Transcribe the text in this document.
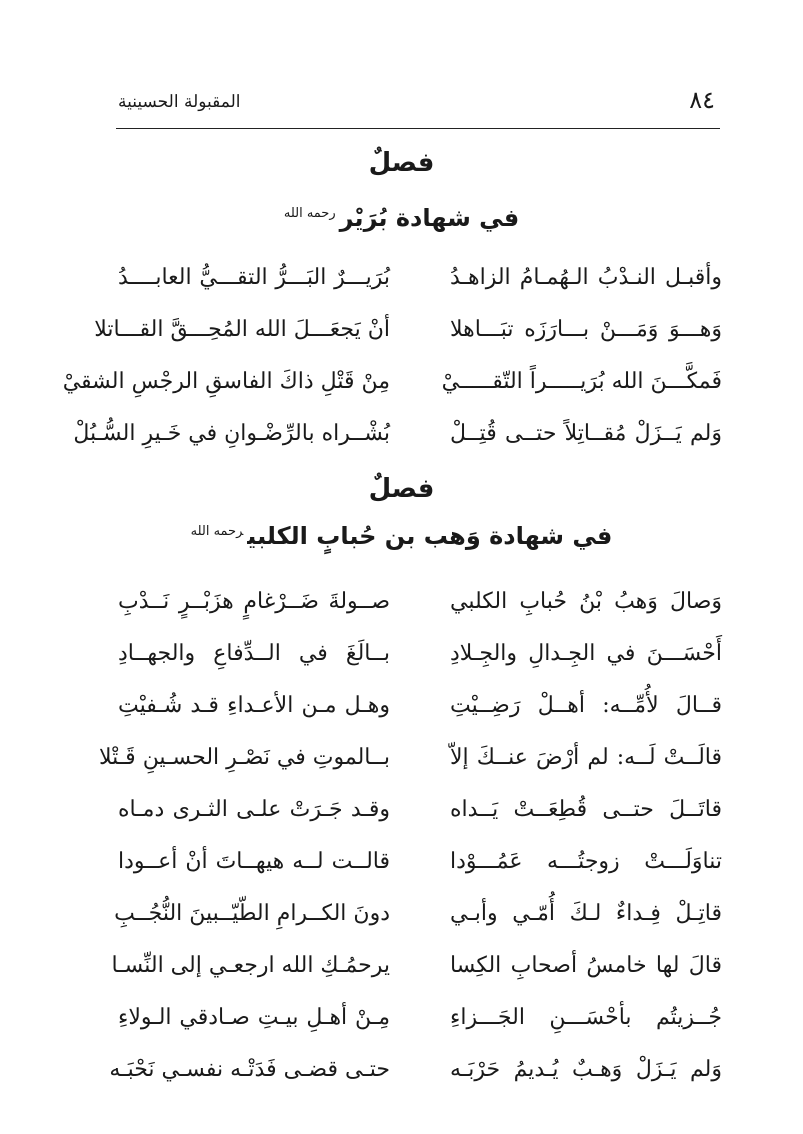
المقبولة الحسينية	٨٤
فصلٌ
في شهادة بُرَيْر$^{رحمه الله}$
وأقبـل النـدْبُ الـهُمـامُ الزاهـدُ
بُرَيـــرٌ البَـــرُّ التقـــيُّ العابــــدُ
وَهـــوَ وَمَـــنْ بـــارَزَه تبَـــاهلا
أنْ يَجعَـــلَ الله المُحِـــقَّ القـــاتلا
فَمكَّـــنَ الله بُرَيـــــراً التّقـــــيْ
مِنْ قَتْلِ ذاكَ الفاسقِ الرجْسِ الشقيْ
وَلم يَــزَلْ مُقــاتِلاً حتــى قُتِــلْ
بُشْــراه بالرِّضْـوانِ في خَـيرِ السُّـبُلْ
فصلٌ
في شهادة وَهب بن حُبابٍ الكلبي$^{رحمه الله}$
وَصالَ وَهبُ بْنُ حُبابِ الكلبي
صــولةَ ضَــرْغامٍ هزَبْــرٍ نَــدْبِ
أَحْسَـــنَ في الجِـدالِ والجِـلادِ
بــالَغَ في الــدِّفاعِ والجهــادِ
قــالَ لأُمِّــه: أهــلْ رَضِــيْتِ
وهـل مـن الأعـداءِ قـد شُـفيْتِ
قالَــتْ لَــه: لم أرْضَ عنــكَ إلاّ
بــالموتِ في نَصْـرِ الحسـينِ قَـتْلا
قاتَــلَ حتــى قُطِعَــتْ يَــداه
وقـد جَـرَتْ علـى الثـرى دمـاه
تناوَلَـــتْ زوجتُـــه عَمُـــوْدا
قالــت لــه هيهــاتَ أنْ أعــودا
قاتِـلْ فِـداءٌ لـكَ أُمّـي وأبـي
دونَ الكــرامِ الطّيّــبينَ النُّجُــبِ
قالَ لها خامسُ أصحابِ الكِسا
يرحمُـكِ الله ارجعـي إلى النِّسـا
جُــزيتُم بأحْسَـــنِ الجَـــزاءِ
مِـنْ أهـلِ بيـتِ صـادقي الـولاءِ
وَلم يَـزَلْ وَهـبٌ يُـديمُ حَرْبَـه
حتـى قضـى فَدَتْـه نفسـي نَحْبَـه
